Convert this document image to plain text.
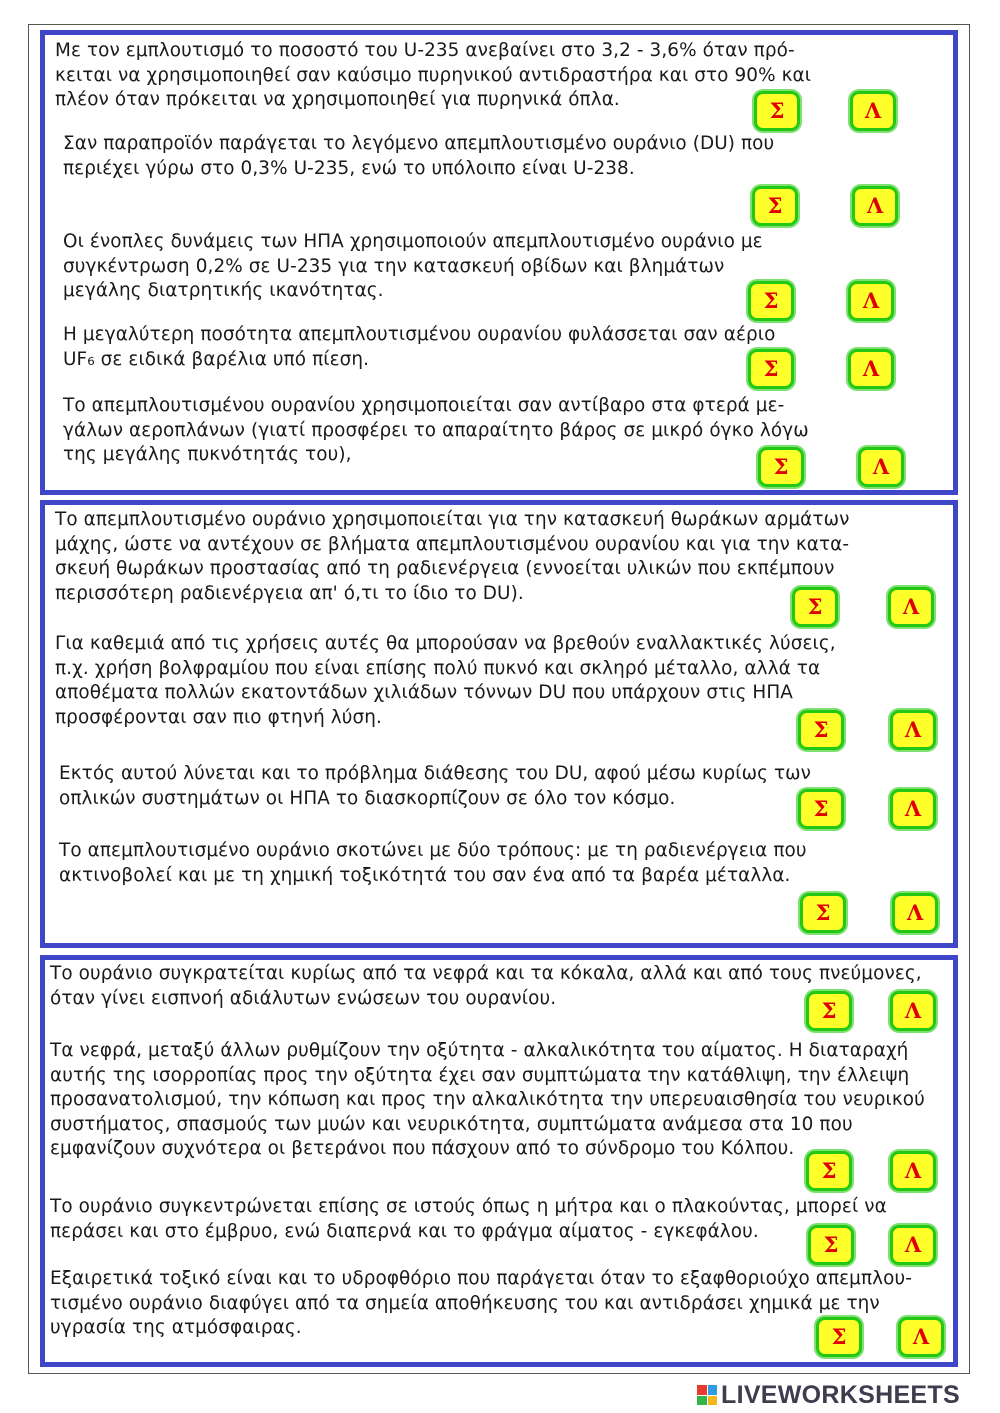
Με τον εμπλουτισμό το ποσοστό του U-235 ανεβαίνει στο 3,2 - 3,6% όταν πρό-
κειται να χρησιμοποιηθεί σαν καύσιμο πυρηνικού αντιδραστήρα και στο 90% και
πλέον όταν πρόκειται να χρησιμοποιηθεί για πυρηνικά όπλα.	Σ	Λ

Σαν παραπροϊόν παράγεται το λεγόμενο απεμπλουτισμένο ουράνιο (DU) που
περιέχει γύρω στο 0,3% U-235, ενώ το υπόλοιπο είναι U-238.

Σ	Λ

Οι ένοπλες δυνάμεις των ΗΠΑ χρησιμοποιούν απεμπλουτισμένο ουράνιο με
συγκέντρωση 0,2% σε U-235 για την κατασκευή οβίδων και βλημάτων
μεγάλης διατρητικής ικανότητας.	Σ	Λ

Η μεγαλύτερη ποσότητα απεμπλουτισμένου ουρανίου φυλάσσεται σαν αέριο
UF₆ σε ειδικά βαρέλια υπό πίεση.	Σ	Λ

Το απεμπλουτισμένου ουρανίου χρησιμοποιείται σαν αντίβαρο στα φτερά με-
γάλων αεροπλάνων (γιατί προσφέρει το απαραίτητο βάρος σε μικρό όγκο λόγω
της μεγάλης πυκνότητάς του),	Σ	Λ

Το απεμπλουτισμένο ουράνιο χρησιμοποιείται για την κατασκευή θωράκων αρμάτων
μάχης, ώστε να αντέχουν σε βλήματα απεμπλουτισμένου ουρανίου και για την κατα-
σκευή θωράκων προστασίας από τη ραδιενέργεια (εννοείται υλικών που εκπέμπουν
περισσότερη ραδιενέργεια απ' ό,τι το ίδιο το DU).

Σ	Λ

Για καθεμιά από τις χρήσεις αυτές θα μπορούσαν να βρεθούν εναλλακτικές λύσεις,
π.χ. χρήση βολφραμίου που είναι επίσης πολύ πυκνό και σκληρό μέταλλο, αλλά τα
αποθέματα πολλών εκατοντάδων χιλιάδων τόννων DU που υπάρχουν στις ΗΠΑ
προσφέρονται σαν πιο φτηνή λύση.	Σ	Λ

Εκτός αυτού λύνεται και το πρόβλημα διάθεσης του DU, αφού μέσω κυρίως των
οπλικών συστημάτων οι ΗΠΑ το διασκορπίζουν σε όλο τον κόσμο.	Σ	Λ

Το απεμπλουτισμένο ουράνιο σκοτώνει με δύο τρόπους: με τη ραδιενέργεια που
ακτινοβολεί και με τη χημική τοξικότητά του σαν ένα από τα βαρέα μέταλλα.

Σ	Λ

Το ουράνιο συγκρατείται κυρίως από τα νεφρά και τα κόκαλα, αλλά και από τους πνεύμονες,
όταν γίνει εισπνοή αδιάλυτων ενώσεων του ουρανίου.	Σ	Λ

Τα νεφρά, μεταξύ άλλων ρυθμίζουν την οξύτητα - αλκαλικότητα του αίματος. Η διαταραχή
αυτής της ισορροπίας προς την οξύτητα έχει σαν συμπτώματα την κατάθλιψη, την έλλειψη
προσανατολισμού, την κόπωση και προς την αλκαλικότητα την υπερευαισθησία του νευρικού
συστήματος, σπασμούς των μυών και νευρικότητα, συμπτώματα ανάμεσα στα 10 που
εμφανίζουν συχνότερα οι βετεράνοι που πάσχουν από το σύνδρομο του Κόλπου.

Σ	Λ

Το ουράνιο συγκεντρώνεται επίσης σε ιστούς όπως η μήτρα και ο πλακούντας, μπορεί να
περάσει και στο έμβρυο, ενώ διαπερνά και το φράγμα αίματος - εγκεφάλου.

Σ	Λ

Εξαιρετικά τοξικό είναι και το υδροφθόριο που παράγεται όταν το εξαφθοριούχο απεμπλου-
τισμένο ουράνιο διαφύγει από τα σημεία αποθήκευσης του και αντιδράσει χημικά με την
υγρασία της ατμόσφαιρας.	Σ	Λ
LIVEWORKSHEETS
